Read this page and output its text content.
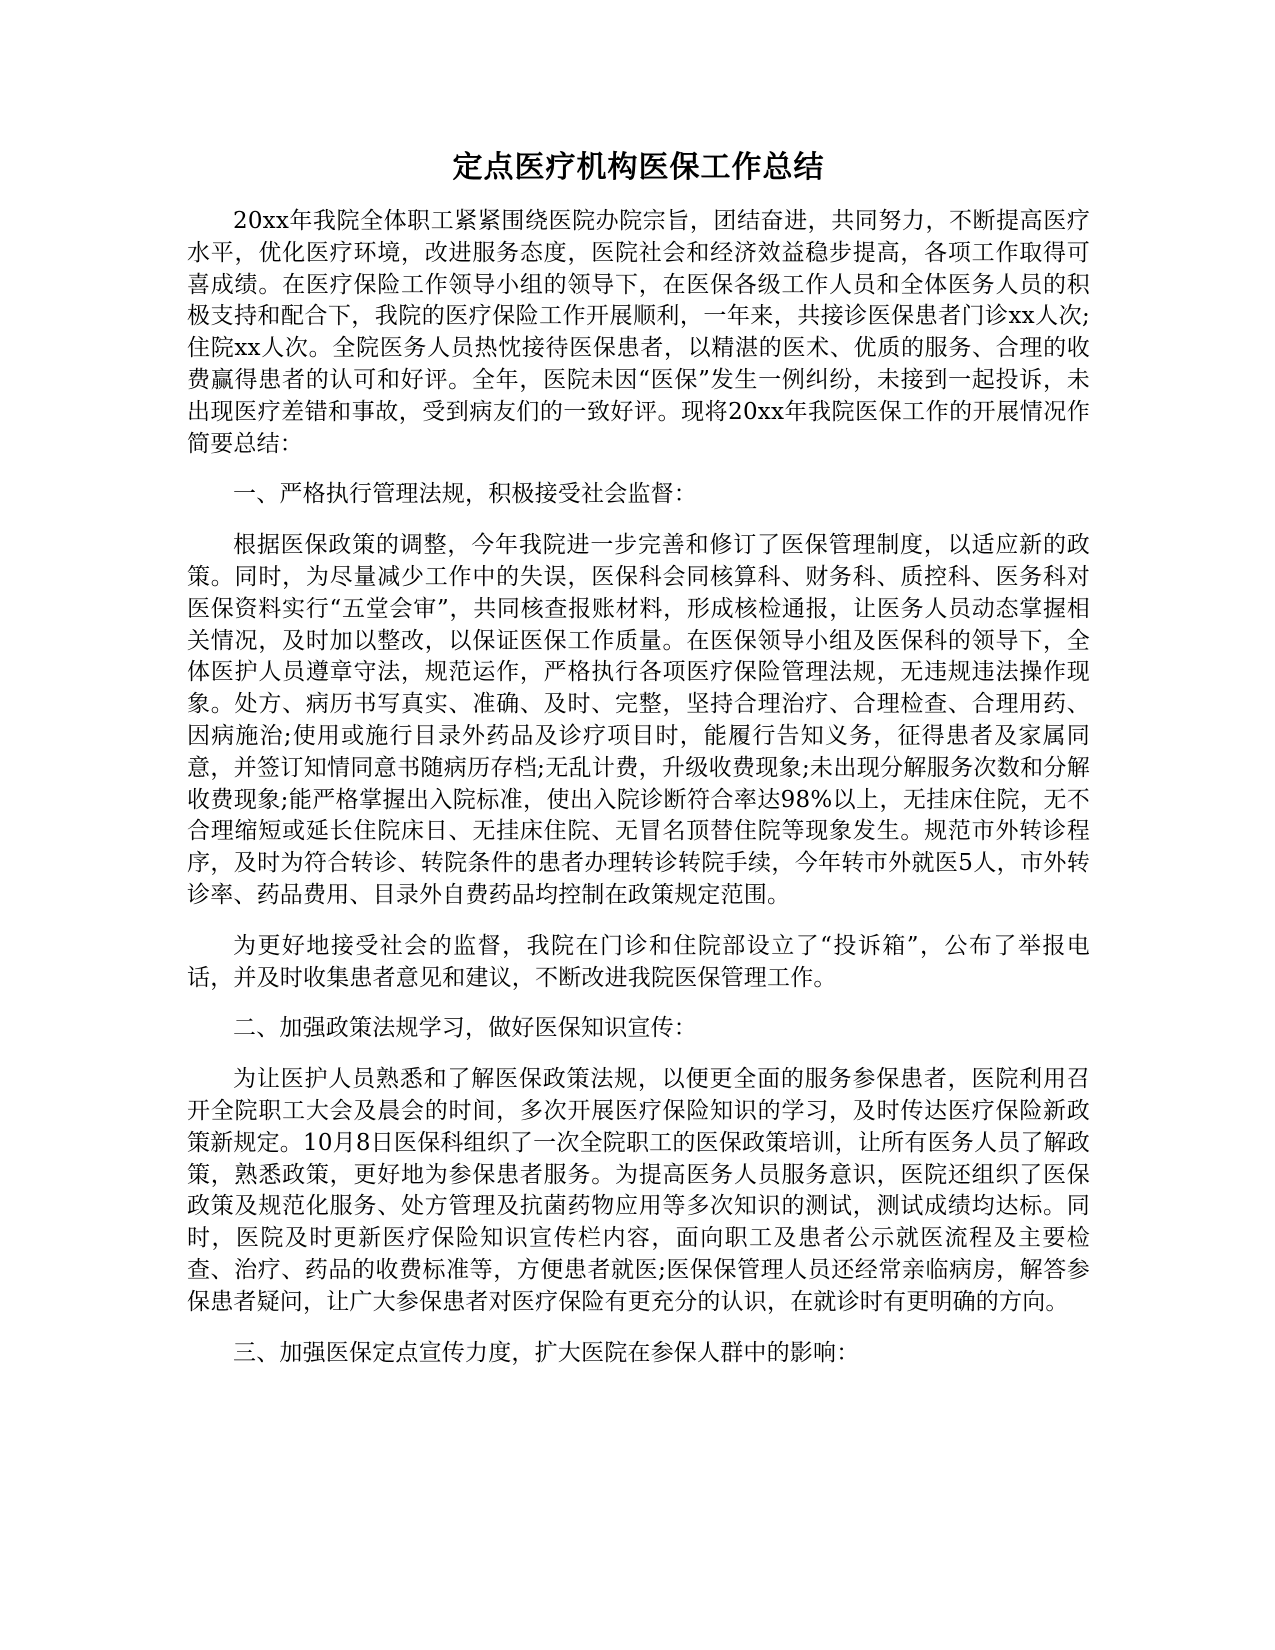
定点医疗机构医保工作总结

20xx年我院全体职工紧紧围绕医院办院宗旨，团结奋进，共同努力，不断提高医疗水平，优化医疗环境，改进服务态度，医院社会和经济效益稳步提高，各项工作取得可喜成绩。在医疗保险工作领导小组的领导下，在医保各级工作人员和全体医务人员的积极支持和配合下，我院的医疗保险工作开展顺利，一年来，共接诊医保患者门诊xx人次;住院xx人次。全院医务人员热忱接待医保患者，以精湛的医术、优质的服务、合理的收费赢得患者的认可和好评。全年，医院未因“医保”发生一例纠纷，未接到一起投诉，未出现医疗差错和事故，受到病友们的一致好评。现将20xx年我院医保工作的开展情况作简要总结：

一、严格执行管理法规，积极接受社会监督：

根据医保政策的调整，今年我院进一步完善和修订了医保管理制度，以适应新的政策。同时，为尽量减少工作中的失误，医保科会同核算科、财务科、质控科、医务科对医保资料实行“五堂会审”，共同核查报账材料，形成核检通报，让医务人员动态掌握相关情况，及时加以整改，以保证医保工作质量。在医保领导小组及医保科的领导下，全体医护人员遵章守法，规范运作，严格执行各项医疗保险管理法规，无违规违法操作现象。处方、病历书写真实、准确、及时、完整，坚持合理治疗、合理检查、合理用药、因病施治;使用或施行目录外药品及诊疗项目时，能履行告知义务，征得患者及家属同意，并签订知情同意书随病历存档;无乱计费，升级收费现象;未出现分解服务次数和分解收费现象;能严格掌握出入院标准，使出入院诊断符合率达98%以上，无挂床住院，无不合理缩短或延长住院床日、无挂床住院、无冒名顶替住院等现象发生。规范市外转诊程序，及时为符合转诊、转院条件的患者办理转诊转院手续，今年转市外就医5人，市外转诊率、药品费用、目录外自费药品均控制在政策规定范围。

为更好地接受社会的监督，我院在门诊和住院部设立了“投诉箱”，公布了举报电话，并及时收集患者意见和建议，不断改进我院医保管理工作。

二、加强政策法规学习，做好医保知识宣传：

为让医护人员熟悉和了解医保政策法规，以便更全面的服务参保患者，医院利用召开全院职工大会及晨会的时间，多次开展医疗保险知识的学习，及时传达医疗保险新政策新规定。10月8日医保科组织了一次全院职工的医保政策培训，让所有医务人员了解政策，熟悉政策，更好地为参保患者服务。为提高医务人员服务意识，医院还组织了医保政策及规范化服务、处方管理及抗菌药物应用等多次知识的测试，测试成绩均达标。同时，医院及时更新医疗保险知识宣传栏内容，面向职工及患者公示就医流程及主要检查、治疗、药品的收费标准等，方便患者就医;医保保管理人员还经常亲临病房，解答参保患者疑问，让广大参保患者对医疗保险有更充分的认识，在就诊时有更明确的方向。

三、加强医保定点宣传力度，扩大医院在参保人群中的影响：
